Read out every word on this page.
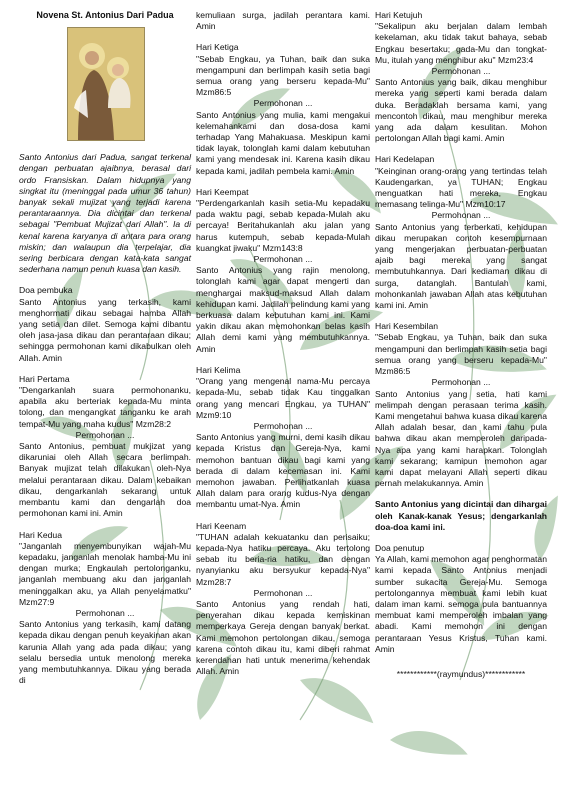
Novena St. Antonius Dari Padua

Santo Antonius dari Padua, sangat terkenal dengan perbuatan ajaibnya, berasal dari ordo Fransiskan. Dalam hidupnya yang singkat itu (meninggal pada umur 36 tahun) banyak sekali mujizat yang terjadi karena perantaraannya. Dia dicintai dan terkenal sebagai "Pembuat Mujizat dari Allah". Ia di kenal karena karyanya di antara para orang miskin; dan walaupun dia terpelajar, dia sering berbicara dengan kata-kata sangat sederhana namun penuh kuasa dan kasih.

Doa pembuka

Santo Antonius yang terkasih, kami menghormati dikau sebagai hamba Allah yang setia dan dilet. Semoga kami dibantu oleh jasa-jasa dikau dan perantaraan dikau; sehingga permohonan kami dikabulkan oleh Allah. Amin

Hari Pertama

"Dengarkanlah suara permohonanku, apabila aku berteriak kepada-Mu minta tolong, dan mengangkat tanganku ke arah tempat-Mu yang maha kudus" Mzm28:2

Permohonan ...

Santo Antonius, pembuat mukjizat yang dikaruniai oleh Allah secara berlimpah. Banyak mujizat telah dilakukan oleh-Nya melalui perantaraan dikau. Dalam kebaikan dikau, dengarkanlah sekarang untuk membantu kami dan dengarlah doa permohonan kami ini. Amin

Hari Kedua

"Janganlah menyembunyikan wajah-Mu kepadaku, janganlah menolak hamba-Mu ini dengan murka; Engkaulah pertolonganku, janganlah membuang aku dan janganlah meninggalkan aku, ya Allah penyelamatku" Mzm27:9

Permohonan ...

Santo Antonius yang terkasih, kami datang kepada dikau dengan penuh keyakinan akan karunia Allah yang ada pada dikau; yang selalu bersedia untuk menolong mereka yang membutuhkannya. Dikau yang berada di

kemuliaan surga, jadilah perantara kami. Amin

Hari Ketiga

"Sebab Engkau, ya Tuhan, baik dan suka mengampuni dan berlimpah kasih setia bagi semua orang yang berseru kepada-Mu" Mzm86:5

Permohonan ...

Santo Antonius yang mulia, kami mengakui kelemahankami dan dosa-dosa kami terhadap Yang Mahakuasa. Meskipun kami tidak layak, tolonglah kami dalam kebutuhan kami yang mendesak ini. Karena kasih dikau kepada kami, jadilah pembela kami. Amin

Hari Keempat

"Perdengarkanlah kasih setia-Mu kepadaku pada waktu pagi, sebab kepada-Mulah aku percaya! Beritahukanlah aku jalan yang harus kutempuh, sebab kepada-Mulah kuangkat jiwaku" Mzm143:8

Permohonan ...

Santo Antonius yang rajin menolong, tolonglah kami agar dapat mengerti dan menghargai maksud-maksud Allah dalam kehidupan kami. Jadilah pelindung kami yang berkuasa dalam kebutuhan kami ini. Kami yakin dikau akan memohonkan belas kasih Allah demi kami yang membutuhkannya. Amin

Hari Kelima

"Orang yang mengenal nama-Mu percaya kepada-Mu, sebab tidak Kau tinggalkan orang yang mencari Engkau, ya TUHAN" Mzm9:10

Permohonan ...

Santo Antonius yang murni, demi kasih dikau kepada Kristus dan Gereja-Nya, kami memohon bantuan dikau bagi kami yang berada di dalam kecemasan ini. Kami memohon jawaban. Perlihatkanlah kuasa Allah dalam para orang kudus-Nya dengan membantu umat-Nya. Amin

Hari Keenam

"TUHAN adalah kekuatanku dan perisaiku; kepada-Nya hatiku percaya. Aku tertolong sebab itu beria-ria hatiku, dan dengan nyanyianku aku bersyukur kepada-Nya" Mzm28:7

Permohonan ...

Santo Antonius yang rendah hati, penyerahan dikau kepada kemiskinan memperkaya Gereja dengan banyak berkat. Kami memohon pertolongan dikau, semoga karena contoh dikau itu, kami diberi rahmat kerendahan hati untuk menerima kehendak Allah. Amin

Hari Ketujuh

"Sekalipun aku berjalan dalam lembah kekelaman, aku tidak takut bahaya, sebab Engkau besertaku; gada-Mu dan tongkat-Mu, itulah yang menghibur aku" Mzm23:4

Permohonan ...

Santo Antonius yang baik, dikau menghibur mereka yang seperti kami berada dalam duka. Beradaklah bersama kami, yang mencontoh dikau, mau menghibur mereka yang ada dalam kesulitan. Mohon pertolongan Allah bagi kami. Amin

Hari Kedelapan

"Keinginan orang-orang yang tertindas telah Kaudengarkan, ya TUHAN; Engkau menguatkan hati mereka, Engkau memasang telinga-Mu" Mzm10:17

Permohonan ...

Santo Antonius yang terberkati, kehidupan dikau merupakan contoh kesempurnaan yang mengerjakan perbuatan-perbuatan ajaib bagi mereka yang sangat membutuhkannya. Dari kediaman dikau di surga, datanglah. Bantulah kami, mohonkanlah jawaban Allah atas kebutuhan kami ini. Amin

Hari Kesembilan

"Sebab Engkau, ya Tuhan, baik dan suka mengampuni dan berlimpah kasih setia bagi semua orang yang berseru kepada-Mu" Mzm86:5

Permohonan ...

Santo Antonius yang setia, hati kami melimpah dengan perasaan terima kasih. Kami mengetahui bahwa kuasa dikau karena Allah adalah besar, dan kami tahu pula bahwa dikau akan memperoleh daripada-Nya apa yang kami harapkan. Tolonglah kami sekarang; kamipun memohon agar kami dapat melayani Allah seperti dikau pernah melakukannya. Amin

Santo Antonius yang dicintai dan dihargai oleh Kanak-kanak Yesus; dengarkanlah doa-doa kami ini.

Doa penutup

Ya Allah, kami memohon agar penghormatan kami kepada Santo Antonius menjadi sumber sukacita Gereja-Mu. Semoga pertolongannya membuat kami lebih kuat dalam iman kami. semoga pula bantuannya membuat kami memperoleh imbalan yang abadi. Kami memohon ini dengan perantaraan Yesus Kristus, Tuhan kami. Amin

************(raymundus)************
